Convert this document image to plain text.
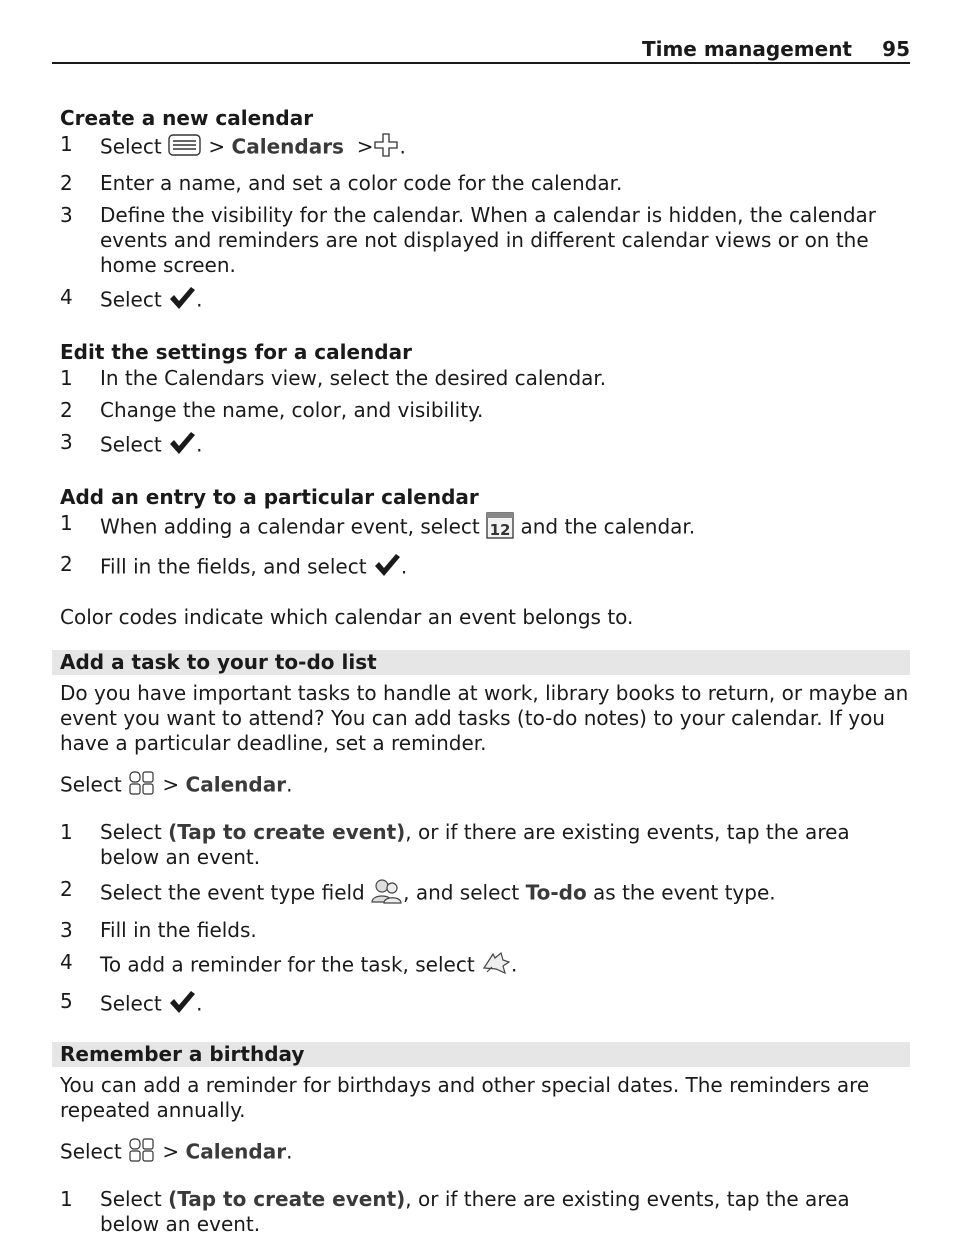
Time management 95
Create a new calendar
1 Select > Calendars > .
2 Enter a name, and set a color code for the calendar.
3 Define the visibility for the calendar. When a calendar is hidden, the calendar events and reminders are not displayed in different calendar views or on the home screen.
4 Select .
Edit the settings for a calendar
1 In the Calendars view, select the desired calendar.
2 Change the name, color, and visibility.
3 Select .
Add an entry to a particular calendar
1 When adding a calendar event, select 12 and the calendar.
2 Fill in the fields, and select .

Color codes indicate which calendar an event belongs to.

Add a task to your to-do list

Do you have important tasks to handle at work, library books to return, or maybe an event you want to attend? You can add tasks (to-do notes) to your calendar. If you have a particular deadline, set a reminder.

Select > Calendar.

1 Select (Tap to create event), or if there are existing events, tap the area below an event.
2 Select the event type field , and select To-do as the event type.
3 Fill in the fields.
4 To add a reminder for the task, select .
5 Select .
Remember a birthday

You can add a reminder for birthdays and other special dates. The reminders are repeated annually.

Select > Calendar.

1 Select (Tap to create event), or if there are existing events, tap the area below an event.
